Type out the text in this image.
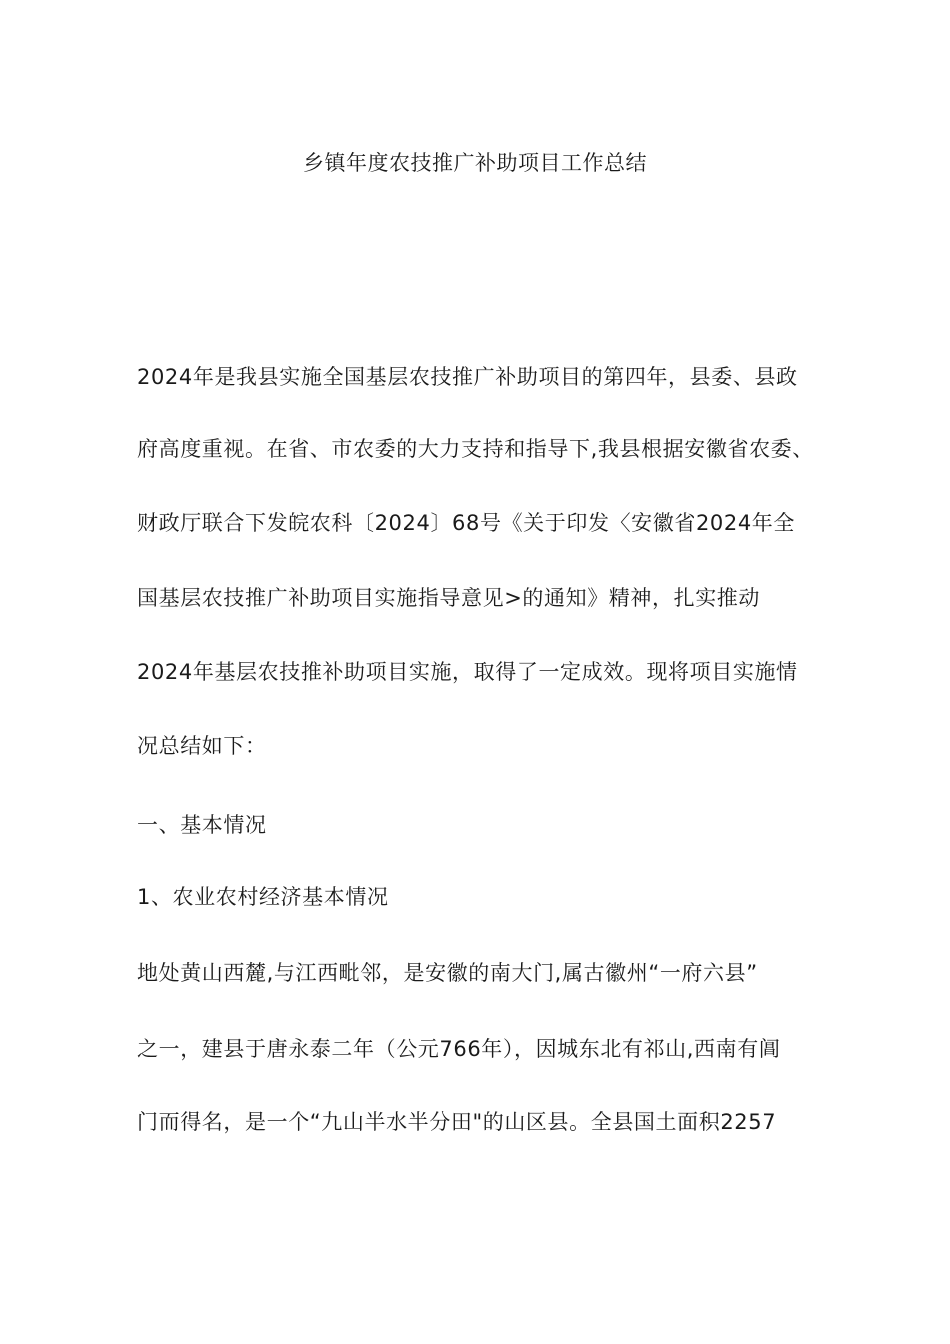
乡镇年度农技推广补助项目工作总结
2024年是我县实施全国基层农技推广补助项目的第四年，县委、县政
府高度重视。在省、市农委的大力支持和指导下,我县根据安徽省农委、
财政厅联合下发皖农科〔2024〕68号《关于印发〈安徽省2024年全
国基层农技推广补助项目实施指导意见>的通知》精神，扎实推动
2024年基层农技推补助项目实施，取得了一定成效。现将项目实施情
况总结如下：
一、基本情况
1、农业农村经济基本情况
地处黄山西麓,与江西毗邻，是安徽的南大门,属古徽州“一府六县”
之一，建县于唐永泰二年（公元766年），因城东北有祁山,西南有阊
门而得名，是一个“九山半水半分田"的山区县。全县国土面积2257
